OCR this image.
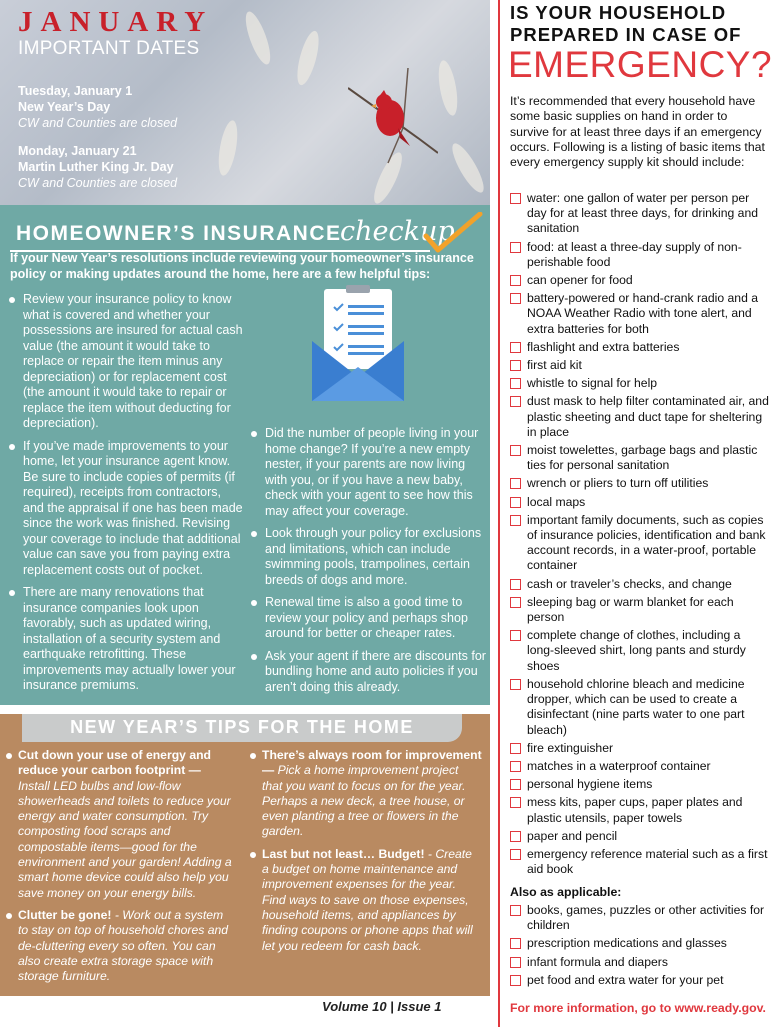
JANUARY
IMPORTANT DATES
Tuesday, January 1
New Year’s Day
CW and Counties are closed
Monday, January 21
Martin Luther King Jr. Day
CW and Counties are closed
HOMEOWNER’S INSURANCE
checkup
If your New Year’s resolutions include reviewing your homeowner’s insurance policy or making updates around the home, here are a few helpful tips:
Review your insurance policy to know what is covered and whether your possessions are insured for actual cash value (the amount it would take to replace or repair the item minus any depreciation) or for replacement cost (the amount it would take to repair or replace the item without deducting for depreciation).
If you’ve made improvements to your home, let your insurance agent know. Be sure to include copies of permits (if required), receipts from contractors, and the appraisal if one has been made since the work was finished. Revising your coverage to include that additional value can save you from paying extra replacement costs out of pocket.
There are many renovations that insurance companies look upon favorably, such as updated wiring, installation of a security system and earthquake retrofitting. These improvements may actually lower your insurance premiums.
Did the number of people living in your home change? If you’re a new empty nester, if your parents are now living with you, or if you have a new baby, check with your agent to see how this may affect your coverage.
Look through your policy for exclusions and limitations, which can include swimming pools, trampolines, certain breeds of dogs and more.
Renewal time is also a good time to review your policy and perhaps shop around for better or cheaper rates.
Ask your agent if there are discounts for bundling home and auto policies if you aren’t doing this already.
NEW YEAR’S TIPS FOR THE HOME
Cut down your use of energy and reduce your carbon footprint — Install LED bulbs and low-flow showerheads and toilets to reduce your energy and water consumption. Try composting food scraps and compostable items—good for the environment and your garden! Adding a smart home device could also help you save money on your energy bills.
Clutter be gone! - Work out a system to stay on top of household chores and de-cluttering every so often. You can also create extra storage space with storage furniture.
There’s always room for improvement — Pick a home improvement project that you want to focus on for the year. Perhaps a new deck, a tree house, or even planting a tree or flowers in the garden.
Last but not least… Budget! - Create a budget on home maintenance and improvement expenses for the year. Find ways to save on those expenses, household items, and appliances by finding coupons or phone apps that will let you redeem for cash back.
Volume 10 | Issue 1
IS YOUR HOUSEHOLD
PREPARED IN CASE OF
EMERGENCY?
It’s recommended that every household have some basic supplies on hand in order to survive for at least three days if an emergency occurs. Following is a listing of basic items that every emergency supply kit should include:
water: one gallon of water per person per day for at least three days, for drinking and sanitation
food: at least a three-day supply of non-perishable food
can opener for food
battery-powered or hand-crank radio and a NOAA Weather Radio with tone alert, and extra batteries for both
flashlight and extra batteries
first aid kit
whistle to signal for help
dust mask to help filter contaminated air, and plastic sheeting and duct tape for sheltering in place
moist towelettes, garbage bags and plastic ties for personal sanitation
wrench or pliers to turn off utilities
local maps
important family documents, such as copies of insurance policies, identification and bank account records, in a water-proof, portable container
cash or traveler’s checks, and change
sleeping bag or warm blanket for each person
complete change of clothes, including a long-sleeved shirt, long pants and sturdy shoes
household chlorine bleach and medicine dropper, which can be used to create a disinfectant (nine parts water to one part bleach)
fire extinguisher
matches in a waterproof container
personal hygiene items
mess kits, paper cups, paper plates and plastic utensils, paper towels
paper and pencil
emergency reference material such as a first aid book
Also as applicable:
books, games, puzzles or other activities for children
prescription medications and glasses
infant formula and diapers
pet food and extra water for your pet
For more information, go to www.ready.gov.
